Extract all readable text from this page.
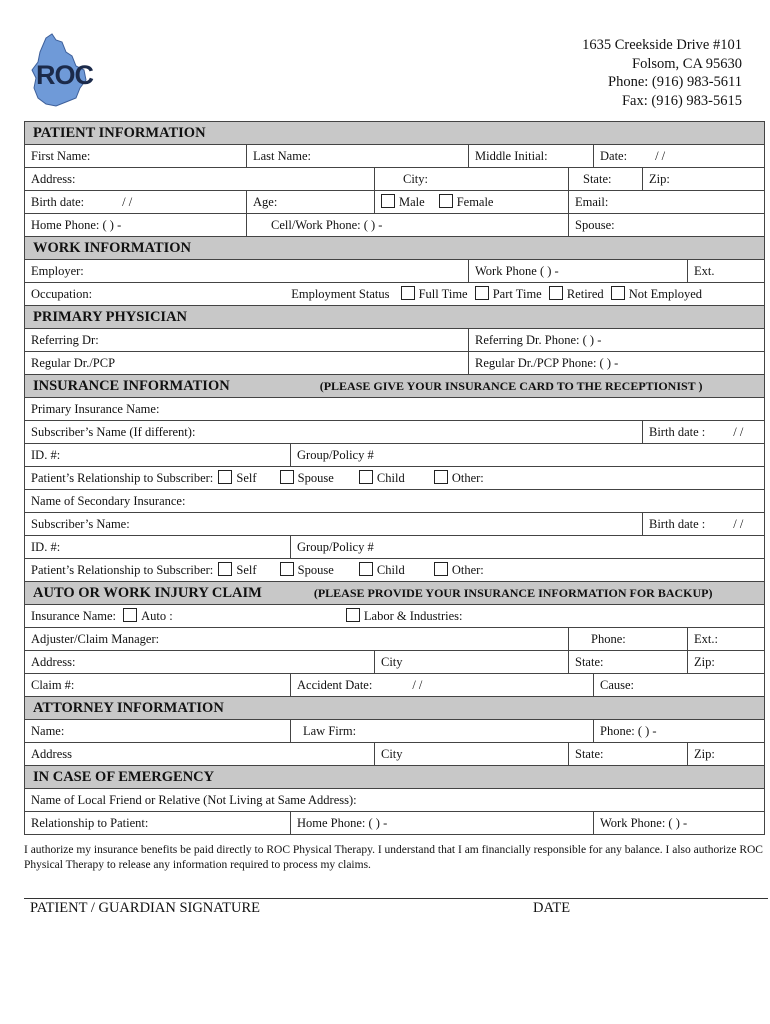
ROC
1635 Creekside Drive #101
Folsom, CA 95630
Phone: (916) 983-5611
Fax: (916) 983-5615
PATIENT INFORMATION								
First Name:	Last Name:			Middle Initial:		Date: / /		
Address:			City:		State:		Zip:	
Birth date: / /	Age:		Male Female		Email:			
Home Phone: ( ) -	Cell/Work Phone: ( ) -				Spouse:			
WORK INFORMATION								
Employer:				Work Phone ( ) -				Ext.
Occupation: Employment Status Full Time Part Time Retired Not Employed								
PRIMARY PHYSICIAN								
Referring Dr:				Referring Dr. Phone: ( ) -				
Regular Dr./PCP				Regular Dr./PCP Phone: ( ) -				
INSURANCE INFORMATION (PLEASE GIVE YOUR INSURANCE CARD TO THE RECEPTIONIST )								
Primary Insurance Name:								
Subscriber’s Name (If different):							Birth date : / /	
ID. #:		Group/Policy #						
Patient’s Relationship to Subscriber: Self Spouse Child Other:								
Name of Secondary Insurance:								
Subscriber’s Name:							Birth date : / /	
ID. #:		Group/Policy #						
Patient’s Relationship to Subscriber: Self Spouse Child Other:								
AUTO OR WORK INJURY CLAIM (PLEASE PROVIDE YOUR INSURANCE INFORMATION FOR BACKUP)								
Insurance Name: Auto : Labor & Industries:								
Adjuster/Claim Manager:					Phone:			Ext.:
Address:			City		State:			Zip:
Claim #:		Accident Date: / /				Cause:		
ATTORNEY INFORMATION								
Name:		Law Firm:				Phone: ( ) -		
Address			City		State:			Zip:
IN CASE OF EMERGENCY								
Name of Local Friend or Relative (Not Living at Same Address):								
Relationship to Patient:		Home Phone: ( ) -				Work Phone: ( ) -		
I authorize my insurance benefits be paid directly to ROC Physical Therapy. I understand that I am financially responsible for any balance. I also authorize ROC Physical Therapy to release any information required to process my claims.
PATIENT / GUARDIAN SIGNATURE	DATE
